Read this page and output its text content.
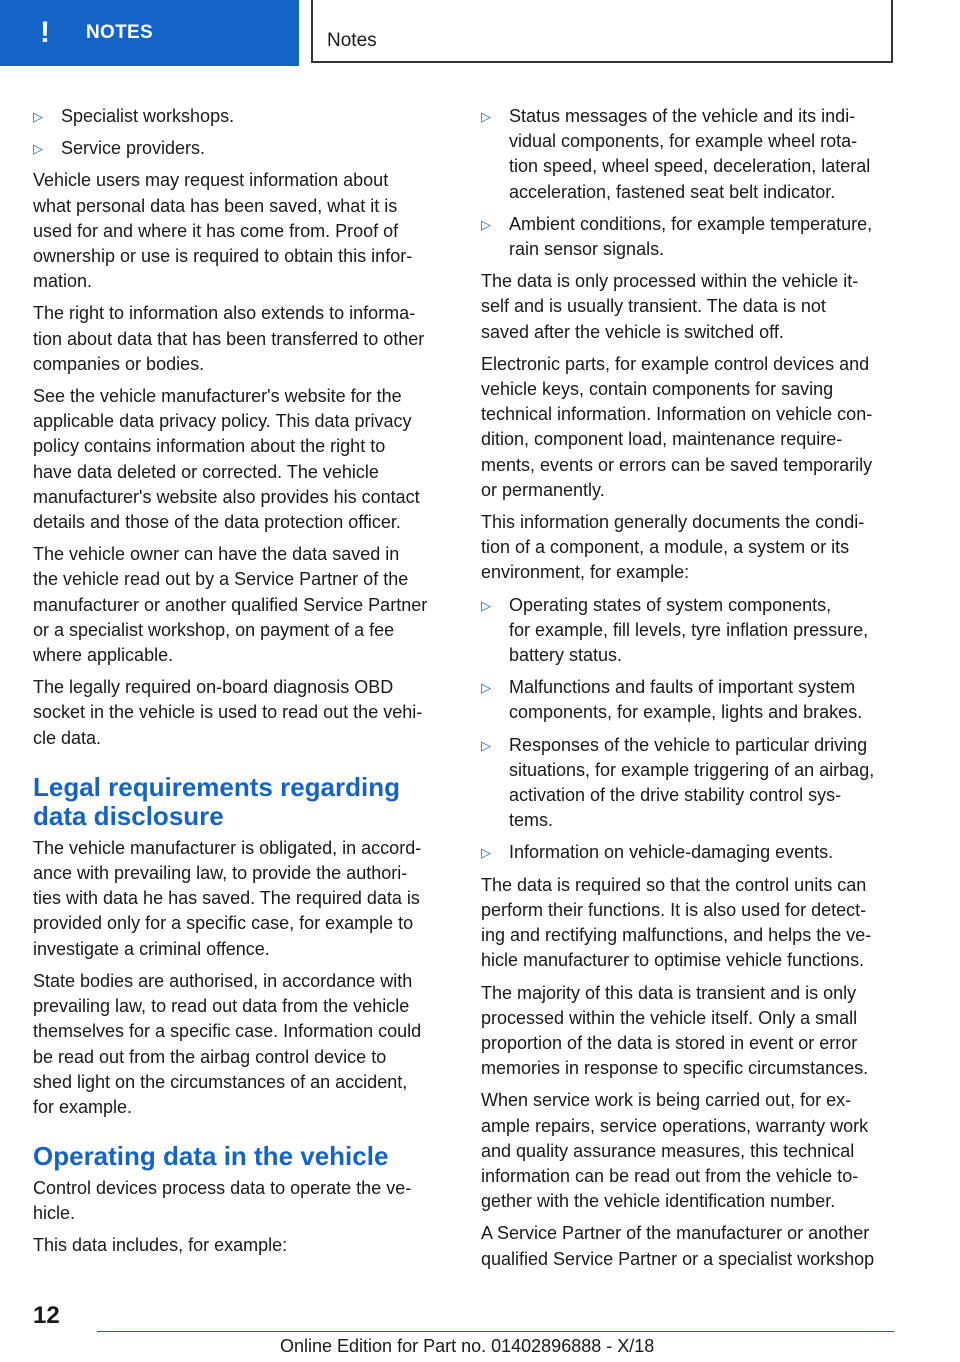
!	NOTES	Notes
▷	Specialist workshops.
▷	Service providers.
Vehicle users may request information about
what personal data has been saved, what it is
used for and where it has come from. Proof of
ownership or use is required to obtain this infor‐
mation.
The right to information also extends to informa‐
tion about data that has been transferred to other
companies or bodies.
See the vehicle manufacturer's website for the
applicable data privacy policy. This data privacy
policy contains information about the right to
have data deleted or corrected. The vehicle
manufacturer's website also provides his contact
details and those of the data protection officer.
The vehicle owner can have the data saved in
the vehicle read out by a Service Partner of the
manufacturer or another qualified Service Partner
or a specialist workshop, on payment of a fee
where applicable.
The legally required on-board diagnosis OBD
socket in the vehicle is used to read out the vehi‐
cle data.
Legal requirements regarding
data disclosure
The vehicle manufacturer is obligated, in accord‐
ance with prevailing law, to provide the authori‐
ties with data he has saved. The required data is
provided only for a specific case, for example to
investigate a criminal offence.
State bodies are authorised, in accordance with
prevailing law, to read out data from the vehicle
themselves for a specific case. Information could
be read out from the airbag control device to
shed light on the circumstances of an accident,
for example.
Operating data in the vehicle
Control devices process data to operate the ve‐
hicle.
This data includes, for example:
▷	Status messages of the vehicle and its indi‐
vidual components, for example wheel rota‐
tion speed, wheel speed, deceleration, lateral
acceleration, fastened seat belt indicator.
▷	Ambient conditions, for example temperature,
rain sensor signals.
The data is only processed within the vehicle it‐
self and is usually transient. The data is not
saved after the vehicle is switched off.
Electronic parts, for example control devices and
vehicle keys, contain components for saving
technical information. Information on vehicle con‐
dition, component load, maintenance require‐
ments, events or errors can be saved temporarily
or permanently.
This information generally documents the condi‐
tion of a component, a module, a system or its
environment, for example:
▷	Operating states of system components,
for example, fill levels, tyre inflation pressure,
battery status.
▷	Malfunctions and faults of important system
components, for example, lights and brakes.
▷	Responses of the vehicle to particular driving
situations, for example triggering of an airbag,
activation of the drive stability control sys‐
tems.
▷	Information on vehicle-damaging events.
The data is required so that the control units can
perform their functions. It is also used for detect‐
ing and rectifying malfunctions, and helps the ve‐
hicle manufacturer to optimise vehicle functions.
The majority of this data is transient and is only
processed within the vehicle itself. Only a small
proportion of the data is stored in event or error
memories in response to specific circumstances.
When service work is being carried out, for ex‐
ample repairs, service operations, warranty work
and quality assurance measures, this technical
information can be read out from the vehicle to‐
gether with the vehicle identification number.
A Service Partner of the manufacturer or another
qualified Service Partner or a specialist workshop
12
Online Edition for Part no. 01402896888 - X/18
